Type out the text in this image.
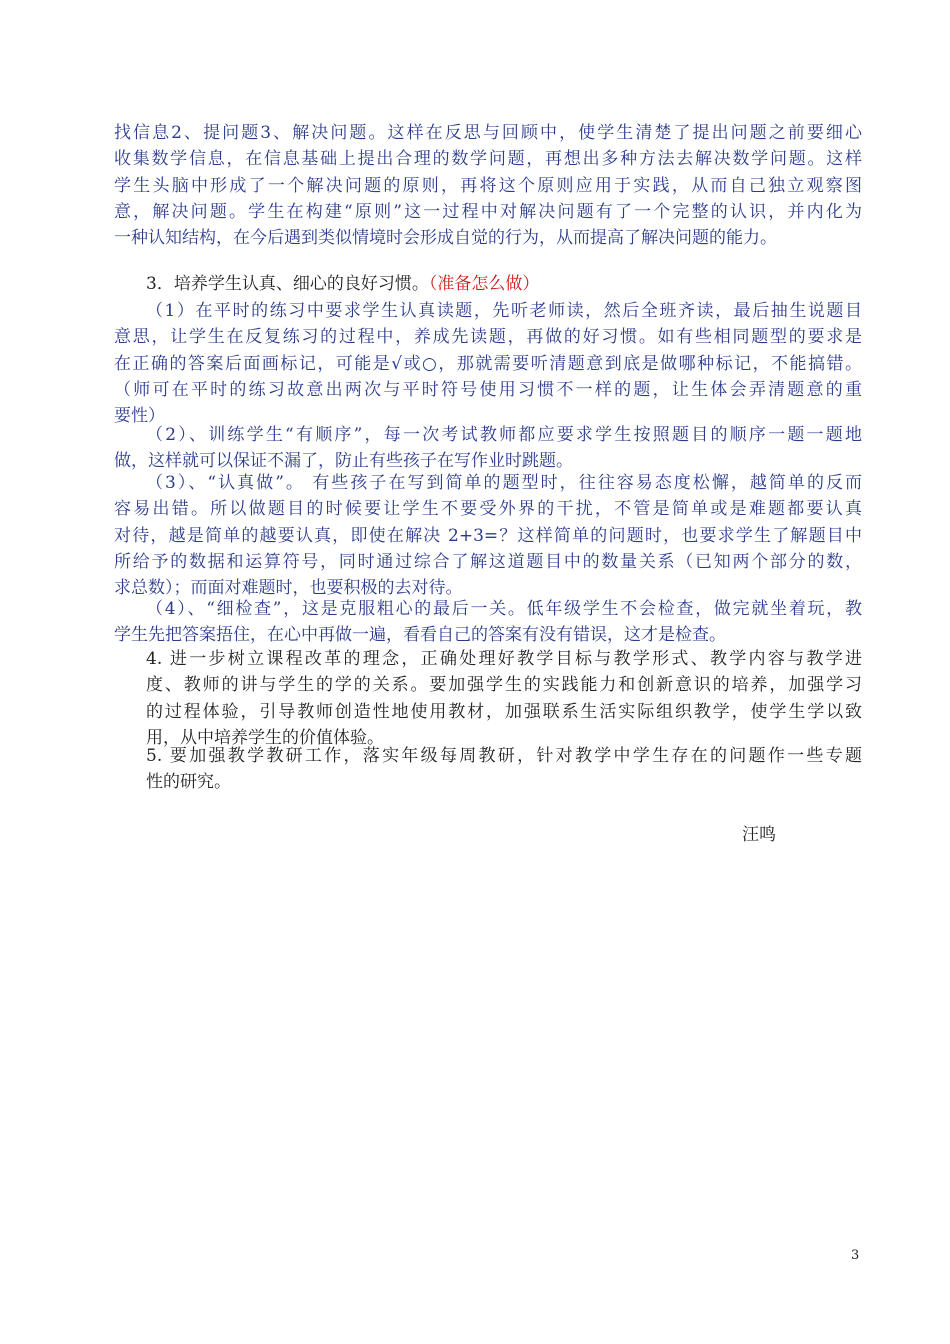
找信息2、提问题3、解决问题。这样在反思与回顾中，使学生清楚了提出问题之前要细心
收集数学信息，在信息基础上提出合理的数学问题，再想出多种方法去解决数学问题。这样
学生头脑中形成了一个解决问题的原则，再将这个原则应用于实践，从而自己独立观察图
意，解决问题。学生在构建“原则”这一过程中对解决问题有了一个完整的认识，并内化为
一种认知结构，在今后遇到类似情境时会形成自觉的行为，从而提高了解决问题的能力。
3．培养学生认真、细心的良好习惯。（准备怎么做）
（1）在平时的练习中要求学生认真读题，先听老师读，然后全班齐读，最后抽生说题目
意思，让学生在反复练习的过程中，养成先读题，再做的好习惯。如有些相同题型的要求是
在正确的答案后面画标记，可能是√或○，那就需要听清题意到底是做哪种标记，不能搞错。
（师可在平时的练习故意出两次与平时符号使用习惯不一样的题，让生体会弄清题意的重
要性）
（2）、训练学生“有顺序”，每一次考试教师都应要求学生按照题目的顺序一题一题地
做，这样就可以保证不漏了，防止有些孩子在写作业时跳题。
（3）、“认真做”。 有些孩子在写到简单的题型时，往往容易态度松懈，越简单的反而
容易出错。所以做题目的时候要让学生不要受外界的干扰，不管是简单或是难题都要认真
对待，越是简单的越要认真，即使在解决 2+3=？这样简单的问题时，也要求学生了解题目中
所给予的数据和运算符号，同时通过综合了解这道题目中的数量关系（已知两个部分的数，
求总数）；而面对难题时，也要积极的去对待。
（4）、“细检查”，这是克服粗心的最后一关。低年级学生不会检查，做完就坐着玩，教
学生先把答案捂住，在心中再做一遍，看看自己的答案有没有错误，这才是检查。
4. 进一步树立课程改革的理念，正确处理好教学目标与教学形式、教学内容与教学进
度、教师的讲与学生的学的关系。要加强学生的实践能力和创新意识的培养，加强学习
的过程体验，引导教师创造性地使用教材，加强联系生活实际组织教学，使学生学以致
用，从中培养学生的价值体验。
5. 要加强教学教研工作，落实年级每周教研，针对教学中学生存在的问题作一些专题
性的研究。
汪鸣
3
